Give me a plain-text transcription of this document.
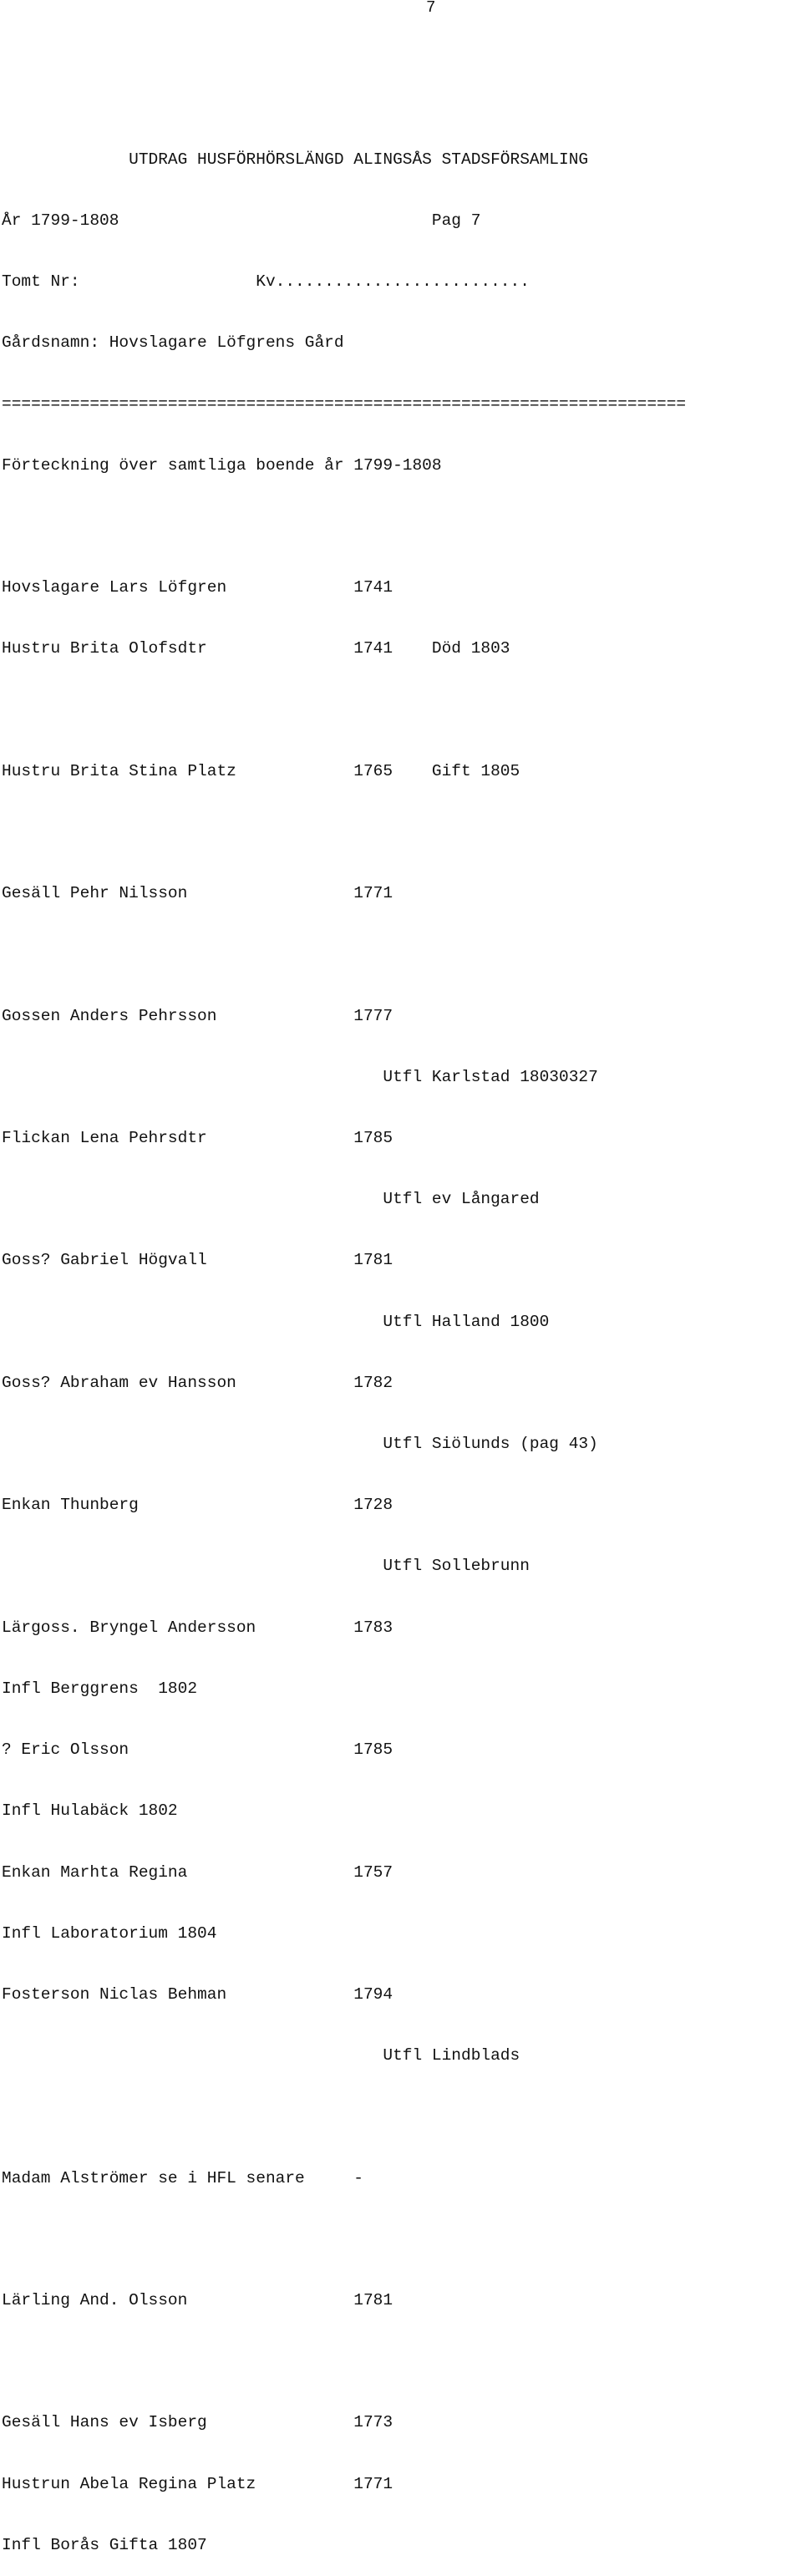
7

UTDRAG HUSFÖRHÖRSLÄNGD ALINGSÅS STADSFÖRSAMLING

År 1799-1808                                Pag 7

Tomt Nr:                  Kv..........................

Gårdsnamn: Hovslagare Löfgrens Gård

======================================================================

Förteckning över samtliga boende år 1799-1808

Hovslagare Lars Löfgren             1741

Hustru Brita Olofsdtr               1741    Död 1803

Hustru Brita Stina Platz            1765    Gift 1805

Gesäll Pehr Nilsson                 1771

Gossen Anders Pehrsson              1777

Utfl Karlstad 18030327

Flickan Lena Pehrsdtr               1785

Utfl ev Långared

Goss? Gabriel Högvall               1781

Utfl Halland 1800

Goss? Abraham ev Hansson            1782

Utfl Siölunds (pag 43)

Enkan Thunberg                      1728

Utfl Sollebrunn

Lärgoss. Bryngel Andersson          1783

Infl Berggrens  1802

? Eric Olsson                       1785

Infl Hulabäck 1802

Enkan Marhta Regina                 1757

Infl Laboratorium 1804

Fosterson Niclas Behman             1794

Utfl Lindblads

Madam Alströmer se i HFL senare     -

Lärling And. Olsson                 1781

Gesäll Hans ev Isberg               1773

Hustrun Abela Regina Platz          1771

Infl Borås Gifta 1807
